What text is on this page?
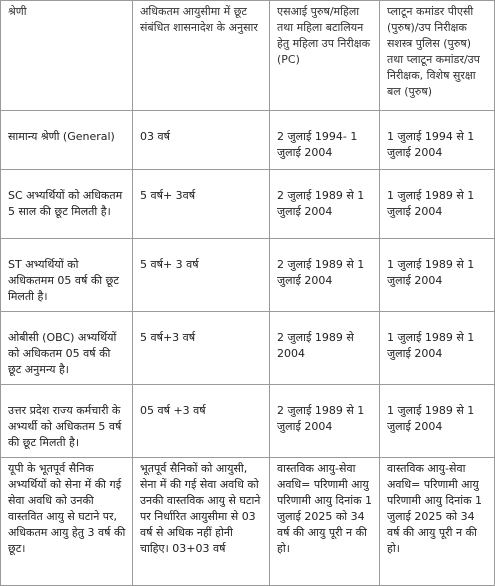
श्रेणी	अधिकतम आयुसीमा में छूट संबंधित शासनादेश के अनुसार	एसआई पुरुष/महिला तथा महिला बटालियन हेतु महिला उप निरीक्षक (PC)	प्लाटून कमांडर पीएसी (पुरुष)/उप निरीक्षक सशस्त्र पुलिस (पुरुष) तथा प्लाटून कमांडर/उप निरीक्षक, विशेष सुरक्षा बल (पुरुष)
सामान्य श्रेणी (General)	03 वर्ष	2 जुलाई 1994- 1 जुलाई 2004	1 जुलाई 1994 से 1 जुलाई 2004
SC अभ्यर्थियों को अधिकतम 5 साल की छूट मिलती है।	5 वर्ष+ 3वर्ष	2 जुलाई 1989 से 1 जुलाई 2004	1 जुलाई 1989 से 1 जुलाई 2004
ST अभ्यर्थियों को अधिकतमम 05 वर्ष की छूट मिलती है।	5 वर्ष+ 3 वर्ष	2 जुलाई 1989 से 1 जुलाई 2004	1 जुलाई 1989 से 1 जुलाई 2004
ओबीसी (OBC) अभ्यर्थियों को अधिकतम 05 वर्ष की छूट अनुमन्य है।	5 वर्ष+3 वर्ष	2 जुलाई 1989 से 2004	1 जुलाई 1989 से 1 जुलाई 2004
उत्तर प्रदेश राज्य कर्मचारी के अभ्यर्थी को अधिकतम 5 वर्ष की छूट मिलती है।	05 वर्ष +3 वर्ष	2 जुलाई 1989 से 1 जुलाई 2004	1 जुलाई 1989 से 1 जुलाई 2004
यूपी के भूतपूर्व सैनिक अभ्यर्थियों को सेना में की गई सेवा अवधि को उनकी वास्तवित आयु से घटाने पर, अधिकतम आयु हेतु 3 वर्ष की छूट।	भूतपूर्व सैनिकों को आयुसी, सेना में की गई सेवा अवधि को उनकी वास्तविक आयु से घटाने पर निर्धारित आयुसीमा से 03 वर्ष से अधिक नहीं होनी चाहिए। 03+03 वर्ष	वास्तविक आयु-सेवा अवधि= परिणामी आयु परिणामी आयु दिनांक 1 जुलाई 2025 को 34 वर्ष की आयु पूरी न की हो।	वास्तविक आयु-सेवा अवधि= परिणामी आयु परिणामी आयु दिनांक 1 जुलाई 2025 को 34 वर्ष की आयु पूरी न की हो।
